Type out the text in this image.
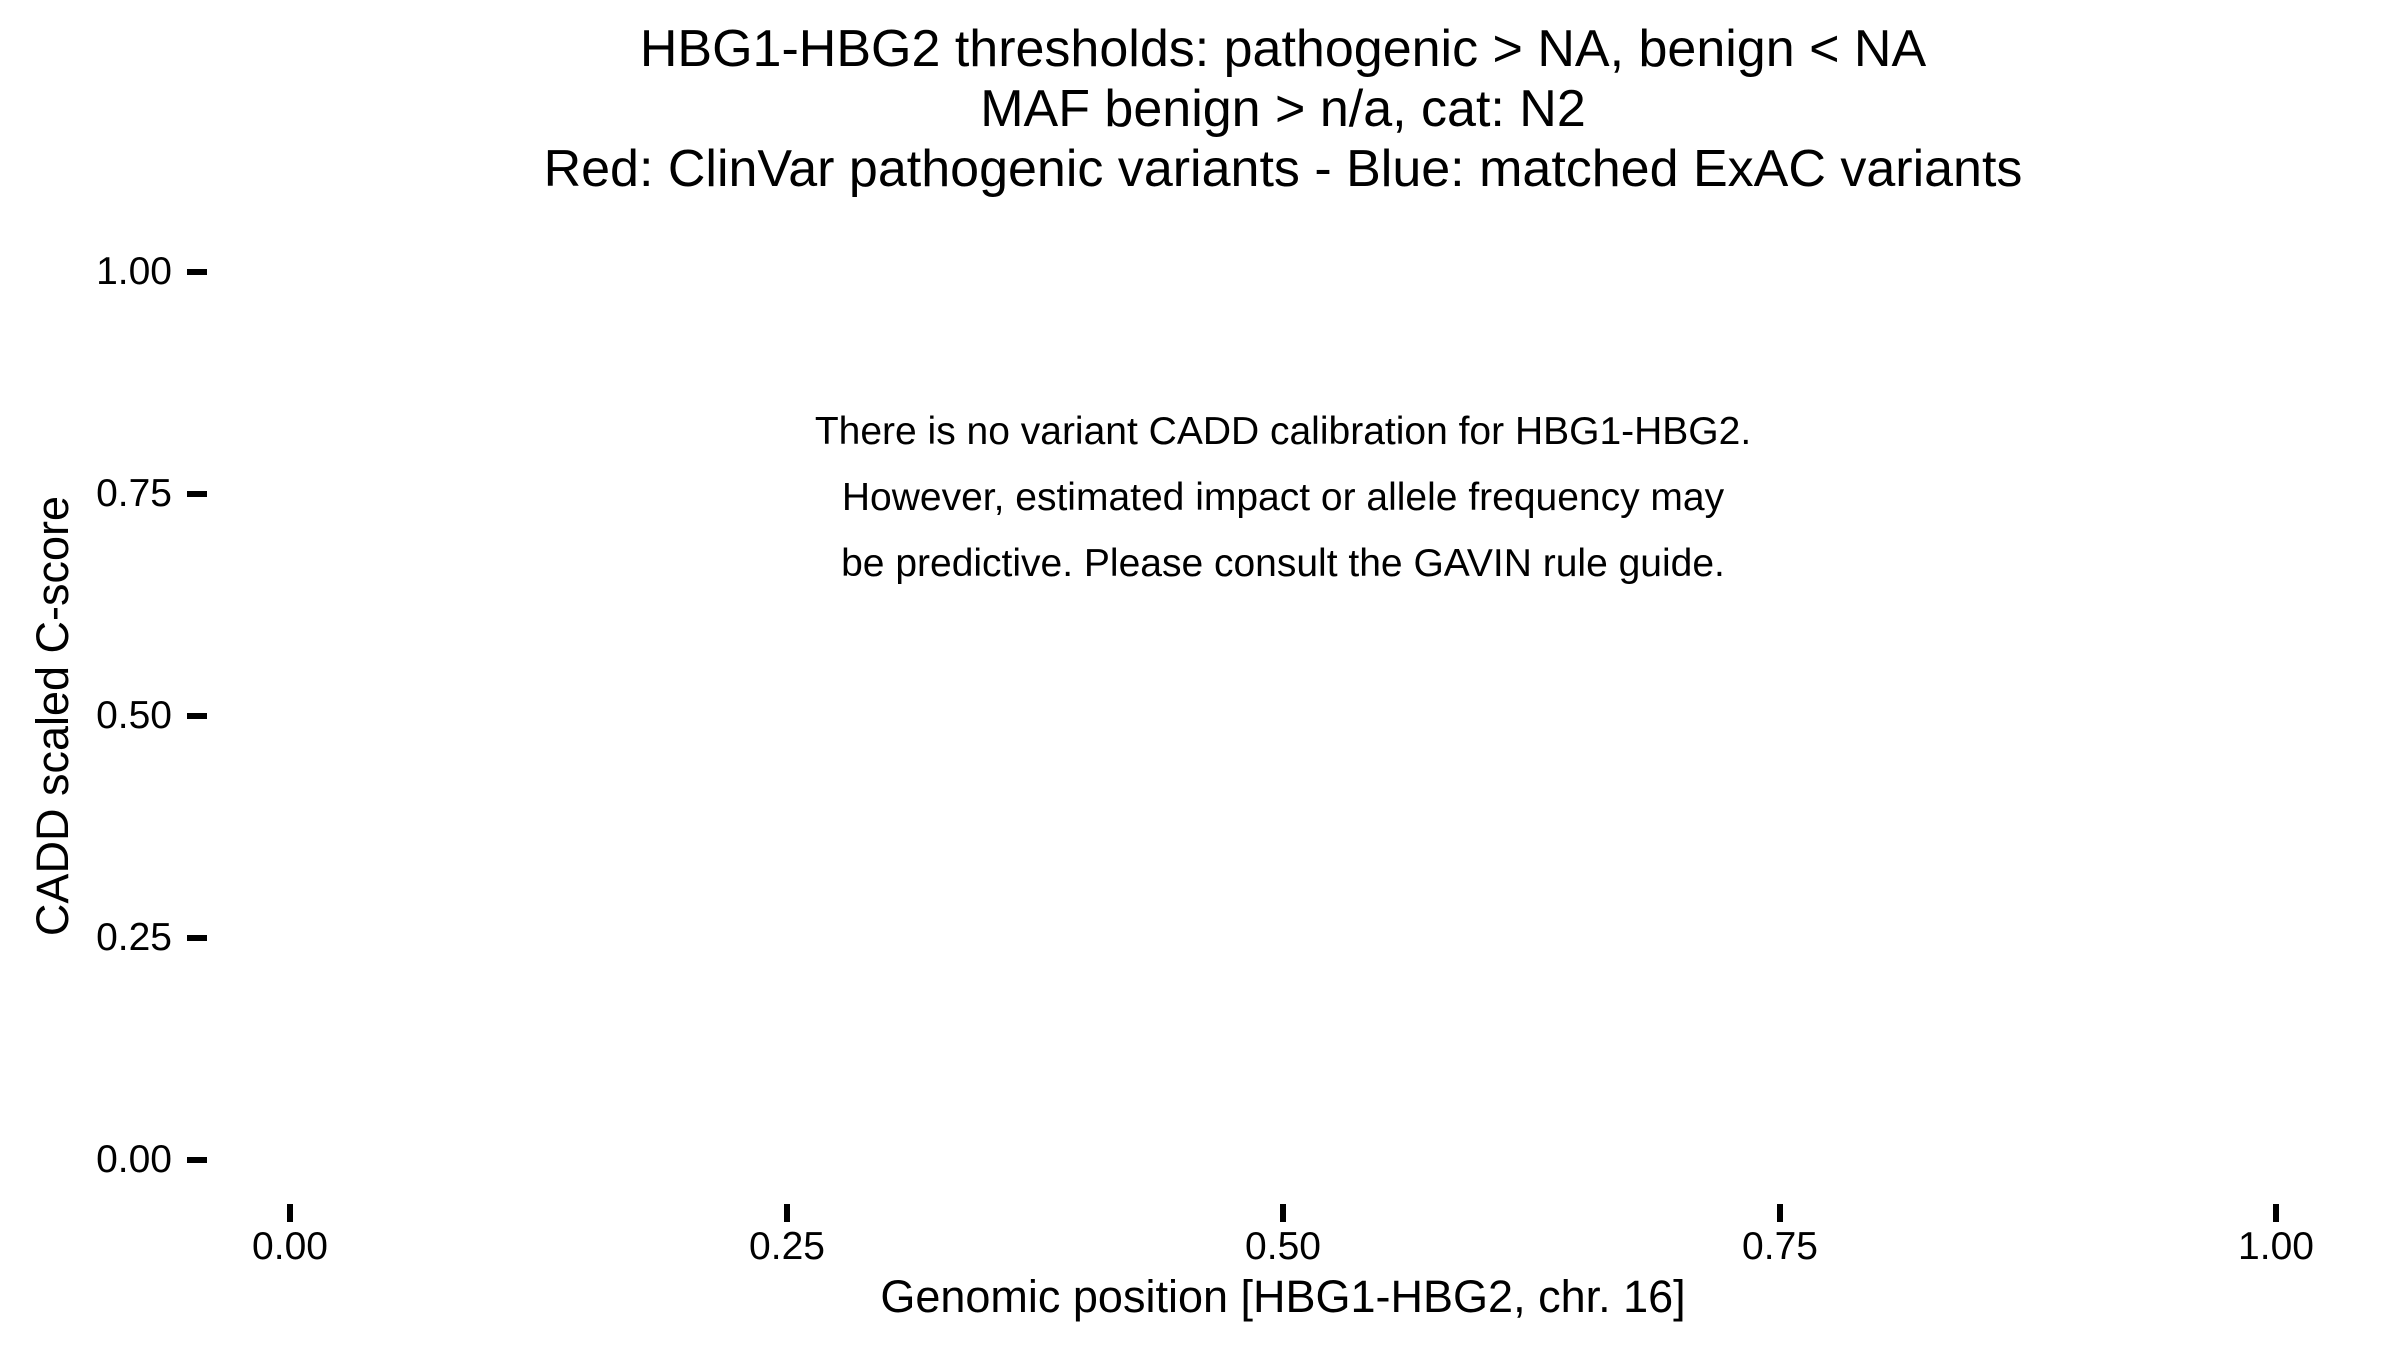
HBG1-HBG2 thresholds: pathogenic > NA, benign < NA
MAF benign > n/a, cat: N2
Red: ClinVar pathogenic variants - Blue: matched ExAC variants
There is no variant CADD calibration for HBG1-HBG2.
However, estimated impact or allele frequency may
be predictive. Please consult the GAVIN rule guide.
CADD scaled C-score
1.00
0.75
0.50
0.25
0.00
0.00	0.25	0.50	0.75	1.00
Genomic position [HBG1-HBG2, chr. 16]
